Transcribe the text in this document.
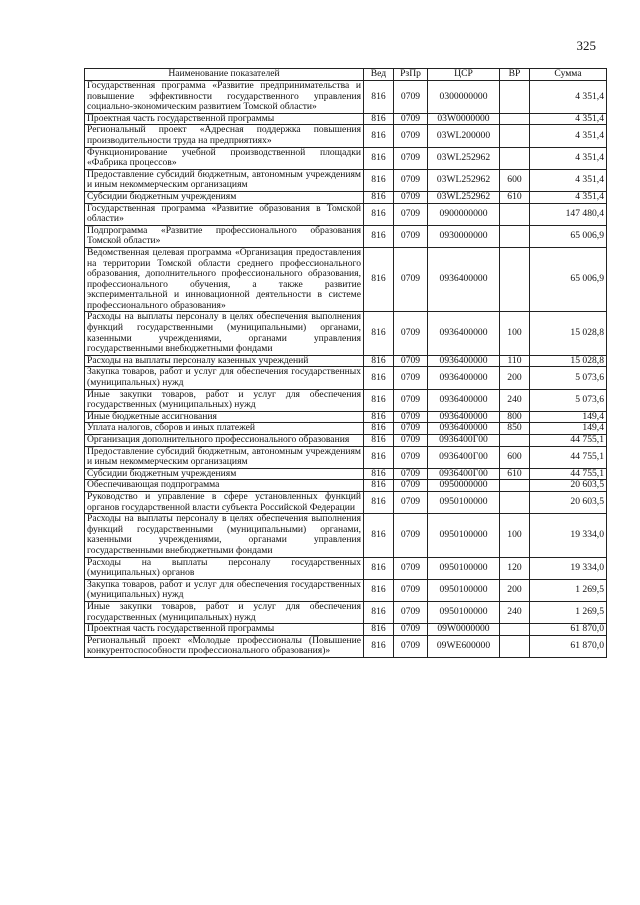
325
Наименование показателей	Вед	РзПр	ЦСР	ВР	Сумма
Государственная программа «Развитие предпринимательства и повышение эффективности государственного управления социально-экономическим развитием Томской области»	816	0709	0300000000		4 351,4
Проектная часть государственной программы	816	0709	03W0000000		4 351,4
Региональный проект «Адресная поддержка повышения производительности труда на предприятиях»	816	0709	03WL200000		4 351,4
Функционирование учебной производственной площадки «Фабрика процессов»	816	0709	03WL252962		4 351,4
Предоставление субсидий бюджетным, автономным учреждениям и иным некоммерческим организациям	816	0709	03WL252962	600	4 351,4
Субсидии бюджетным учреждениям	816	0709	03WL252962	610	4 351,4
Государственная программа «Развитие образования в Томской области»	816	0709	0900000000		147 480,4
Подпрограмма «Развитие профессионального образования Томской области»	816	0709	0930000000		65 006,9
Ведомственная целевая программа «Организация предоставления на территории Томской области среднего профессионального образования, дополнительного профессионального образования, профессионального обучения, а также развитие экспериментальной и инновационной деятельности в системе профессионального образования»	816	0709	0936400000		65 006,9
Расходы на выплаты персоналу в целях обеспечения выполнения функций государственными (муниципальными) органами, казенными учреждениями, органами управления государственными внебюджетными фондами	816	0709	0936400000	100	15 028,8
Расходы на выплаты персоналу казенных учреждений	816	0709	0936400000	110	15 028,8
Закупка товаров, работ и услуг для обеспечения государственных (муниципальных) нужд	816	0709	0936400000	200	5 073,6
Иные закупки товаров, работ и услуг для обеспечения государственных (муниципальных) нужд	816	0709	0936400000	240	5 073,6
Иные бюджетные ассигнования	816	0709	0936400000	800	149,4
Уплата налогов, сборов и иных платежей	816	0709	0936400000	850	149,4
Организация дополнительного профессионального образования	816	0709	0936400Г00		44 755,1
Предоставление субсидий бюджетным, автономным учреждениям и иным некоммерческим организациям	816	0709	0936400Г00	600	44 755,1
Субсидии бюджетным учреждениям	816	0709	0936400Г00	610	44 755,1
Обеспечивающая подпрограмма	816	0709	0950000000		20 603,5
Руководство и управление в сфере установленных функций органов государственной власти субъекта Российской Федерации	816	0709	0950100000		20 603,5
Расходы на выплаты персоналу в целях обеспечения выполнения функций государственными (муниципальными) органами, казенными учреждениями, органами управления государственными внебюджетными фондами	816	0709	0950100000	100	19 334,0
Расходы на выплаты персоналу государственных (муниципальных) органов	816	0709	0950100000	120	19 334,0
Закупка товаров, работ и услуг для обеспечения государственных (муниципальных) нужд	816	0709	0950100000	200	1 269,5
Иные закупки товаров, работ и услуг для обеспечения государственных (муниципальных) нужд	816	0709	0950100000	240	1 269,5
Проектная часть государственной программы	816	0709	09W0000000		61 870,0
Региональный проект «Молодые профессионалы (Повышение конкурентоспособности профессионального образования)»	816	0709	09WE600000		61 870,0
